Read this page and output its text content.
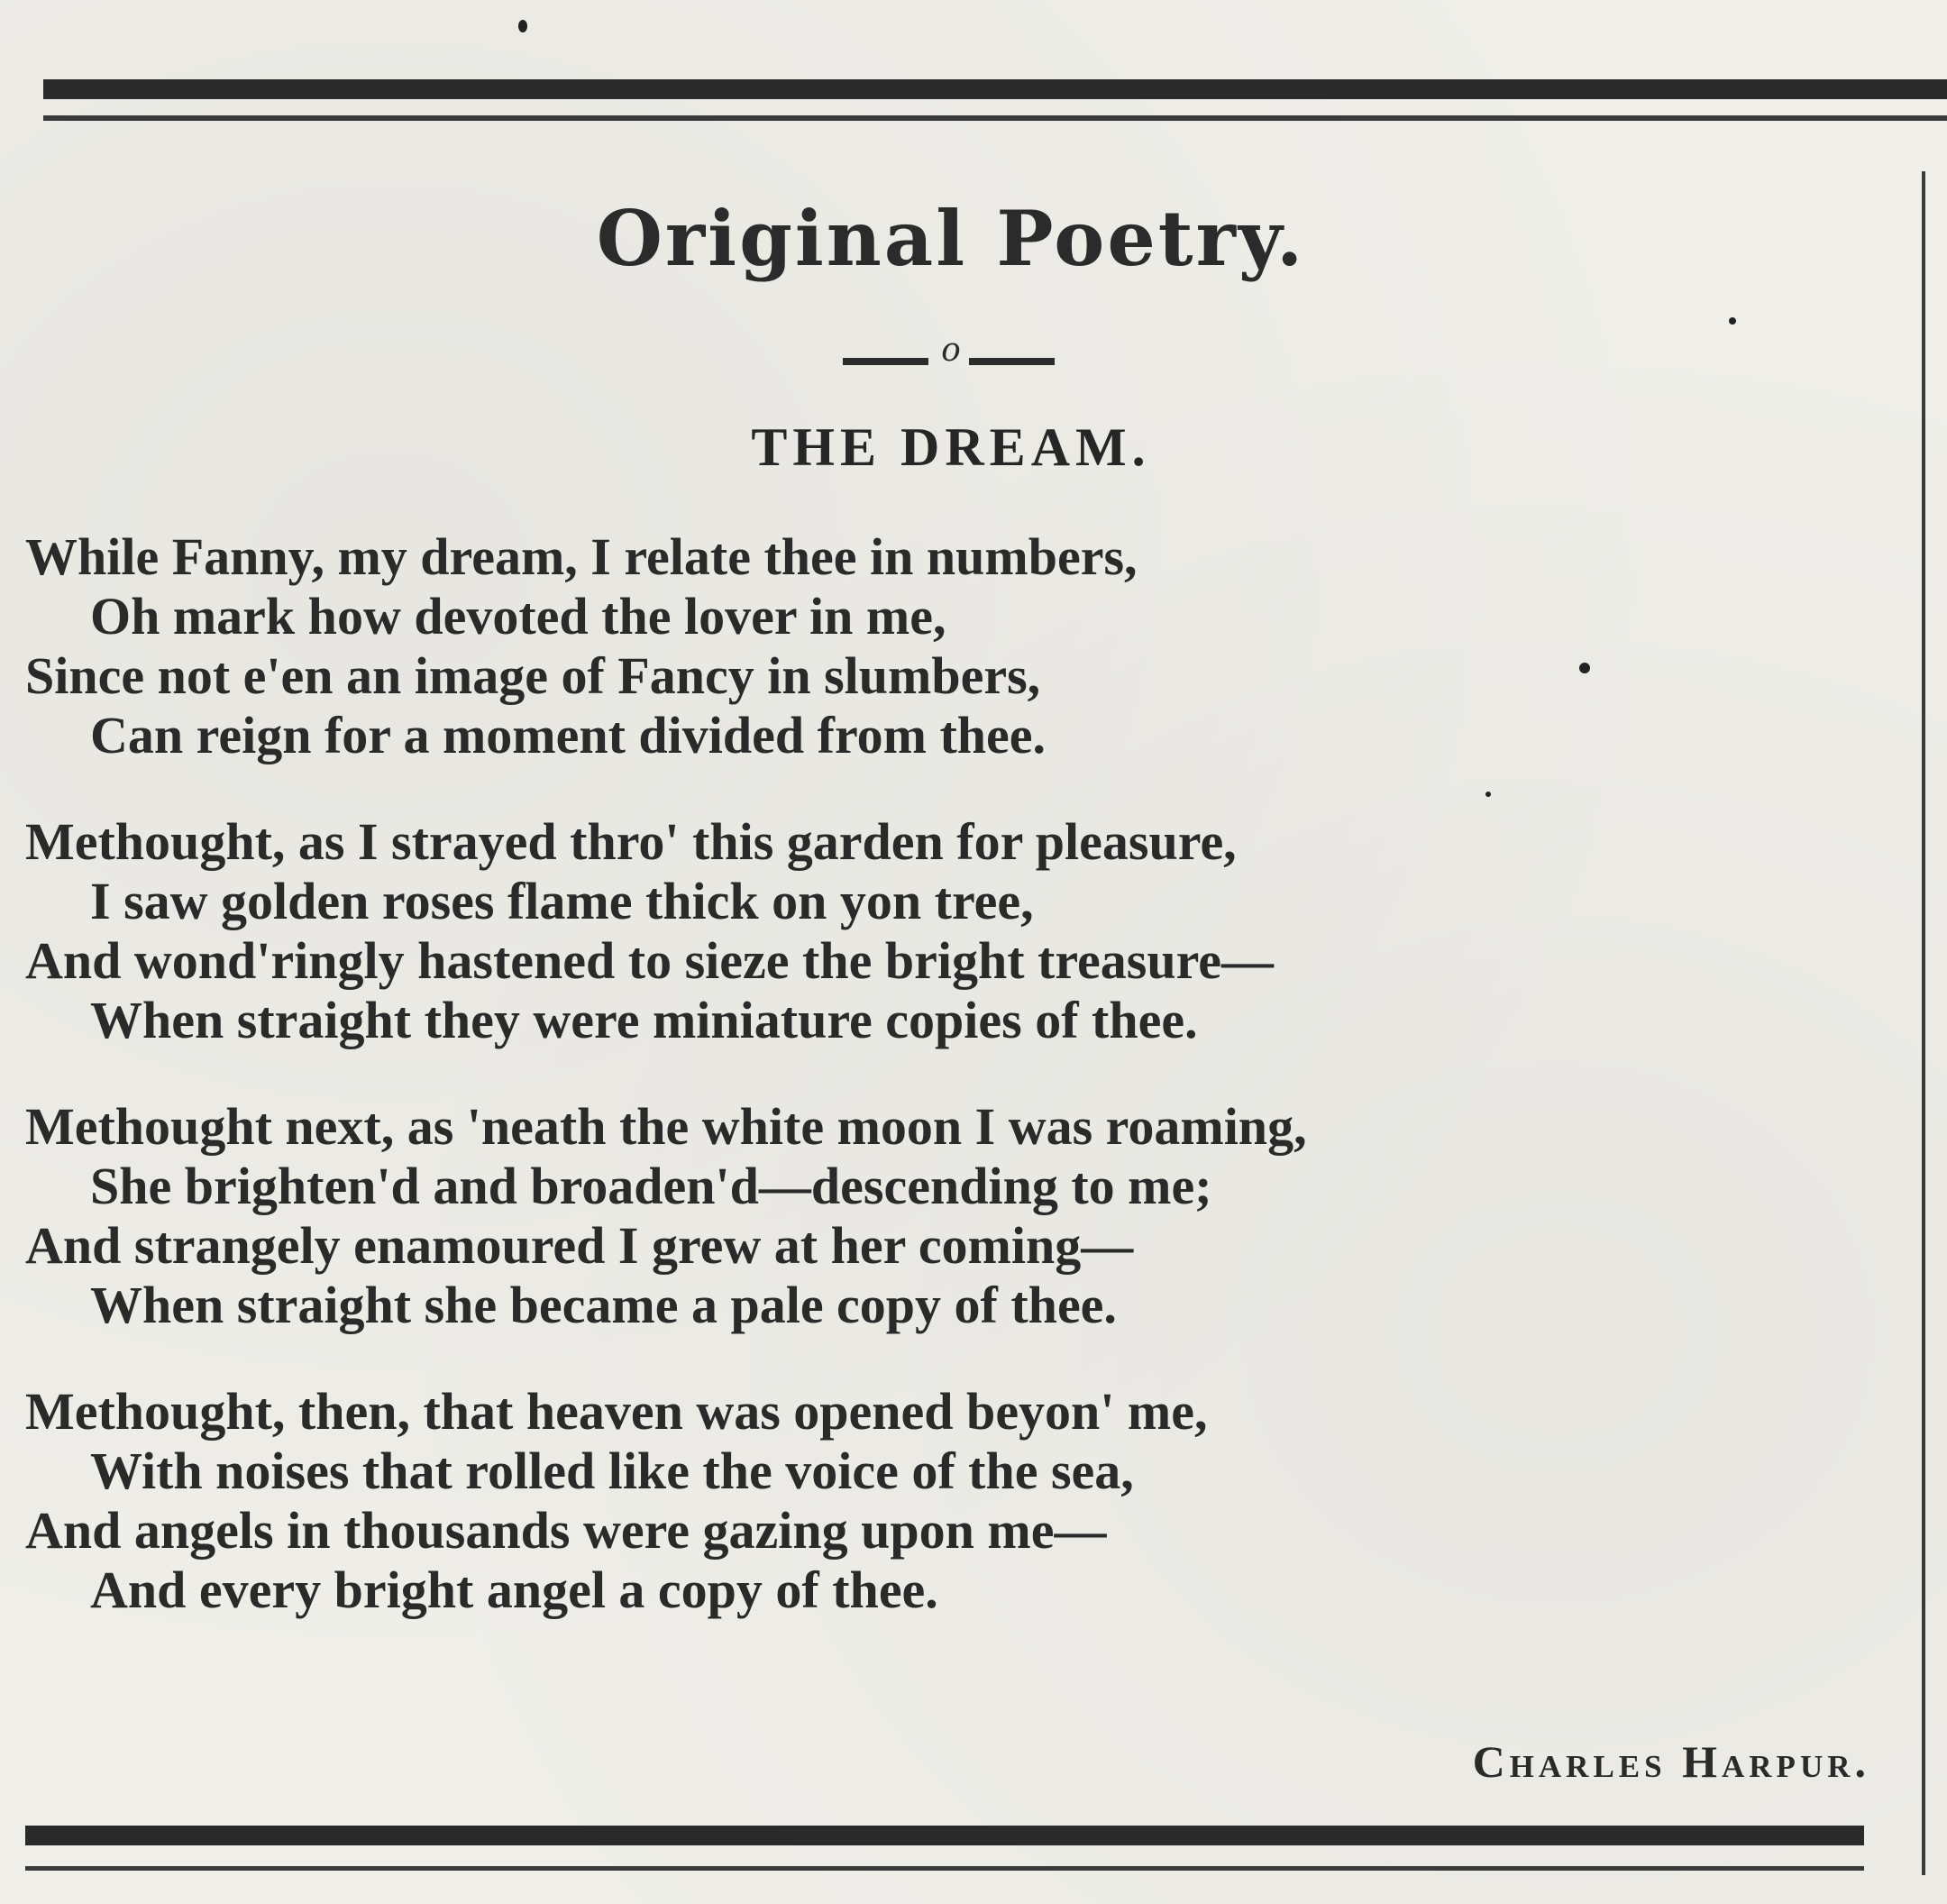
Original Poetry.
o
THE DREAM.
While Fanny, my dream, I relate thee in numbers,
Oh mark how devoted the lover in me,
Since not e'en an image of Fancy in slumbers,
Can reign for a moment divided from thee.
Methought, as I strayed thro' this garden for pleasure,
I saw golden roses flame thick on yon tree,
And wond'ringly hastened to sieze the bright treasure—
When straight they were miniature copies of thee.
Methought next, as 'neath the white moon I was roaming,
She brighten'd and broaden'd—descending to me;
And strangely enamoured I grew at her coming—
When straight she became a pale copy of thee.
Methought, then, that heaven was opened beyon' me,
With noises that rolled like the voice of the sea,
And angels in thousands were gazing upon me—
And every bright angel a copy of thee.
Charles Harpur.
